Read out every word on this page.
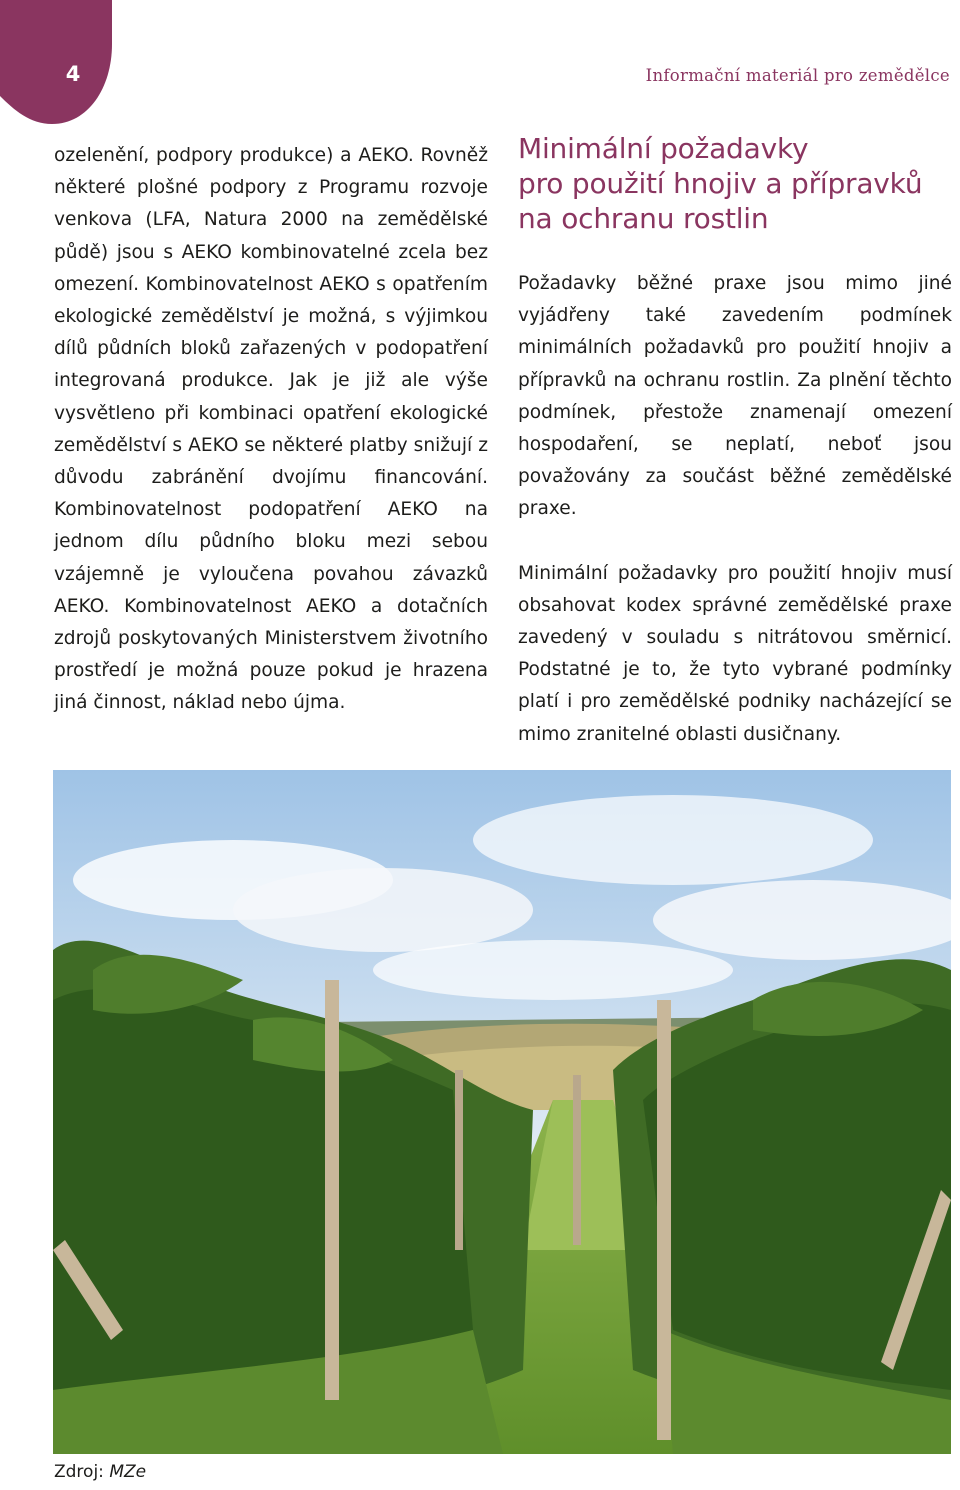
4	Informační materiál pro zemědělce

ozelenění, podpory produkce) a AEKO. Rovněž některé plošné podpory z Programu rozvoje venkova (LFA, Natura 2000 na zemědělské půdě) jsou s AEKO kombinovatelné zcela bez omezení. Kombinovatelnost AEKO s opatřením ekologické zemědělství je možná, s výjimkou dílů půdních bloků zařazených v podopatření integrovaná produkce. Jak je již ale výše vysvětleno při kombinaci opatření ekologické zemědělství s AEKO se některé platby snižují z důvodu zabránění dvojímu financování. Kombinovatelnost podopatření AEKO na jednom dílu půdního bloku mezi sebou vzájemně je vyloučena povahou závazků AEKO. Kombinovatelnost AEKO a dotačních zdrojů poskytovaných Ministerstvem životního prostředí je možná pouze pokud je hrazena jiná činnost, náklad nebo újma.

Minimální požadavky
pro použití hnojiv a přípravků
na ochranu rostlin

Požadavky běžné praxe jsou mimo jiné vyjádřeny také zavedením podmínek minimálních požadavků pro použití hnojiv a přípravků na ochranu rostlin. Za plnění těchto podmínek, přestože znamenají omezení hospodaření, se neplatí, neboť jsou považovány za součást běžné zemědělské praxe.

Minimální požadavky pro použití hnojiv musí obsahovat kodex správné zemědělské praxe zavedený v souladu s nitrátovou směrnicí. Podstatné je to, že tyto vybrané podmínky platí i pro zemědělské podniky nacházející se mimo zranitelné oblasti dusičnany.

Zdroj: MZe
